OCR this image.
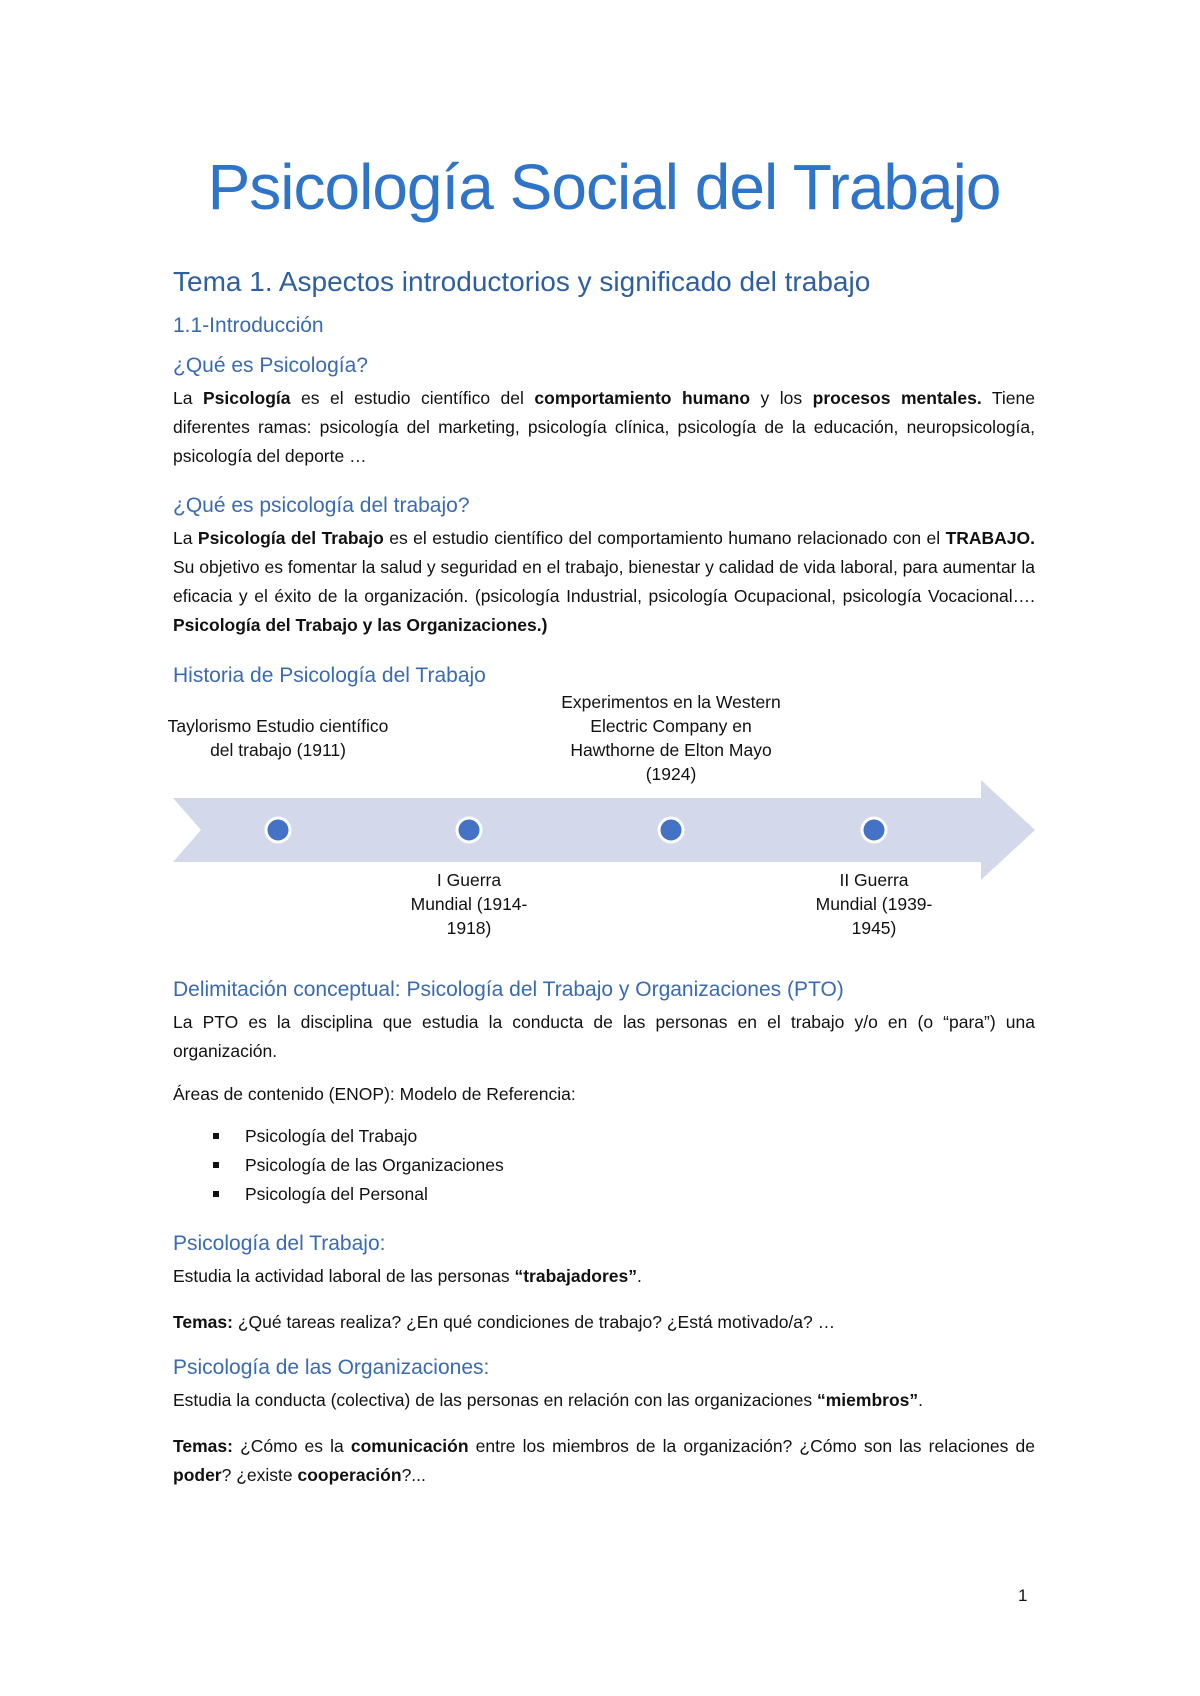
Psicología Social del Trabajo
Tema 1. Aspectos introductorios y significado del trabajo
1.1-Introducción
¿Qué es Psicología?

La Psicología es el estudio científico del comportamiento humano y los procesos mentales. Tiene diferentes ramas: psicología del marketing, psicología clínica, psicología de la educación, neuropsicología, psicología del deporte …

¿Qué es psicología del trabajo?

La Psicología del Trabajo es el estudio científico del comportamiento humano relacionado con el TRABAJO. Su objetivo es fomentar la salud y seguridad en el trabajo, bienestar y calidad de vida laboral, para aumentar la eficacia y el éxito de la organización. (psicología Industrial, psicología Ocupacional, psicología Vocacional…. Psicología del Trabajo y las Organizaciones.)

Historia de Psicología del Trabajo
Taylorismo Estudio científico del trabajo (1911)
Experimentos en la Western Electric Company en Hawthorne de Elton Mayo (1924)
I Guerra Mundial (1914-1918)
II Guerra Mundial (1939-1945)
Delimitación conceptual: Psicología del Trabajo y Organizaciones (PTO)

La PTO es la disciplina que estudia la conducta de las personas en el trabajo y/o en (o “para”) una organización.

Áreas de contenido (ENOP): Modelo de Referencia:

Psicología del Trabajo
Psicología de las Organizaciones
Psicología del Personal
Psicología del Trabajo:

Estudia la actividad laboral de las personas “trabajadores”.

Temas: ¿Qué tareas realiza? ¿En qué condiciones de trabajo? ¿Está motivado/a? …

Psicología de las Organizaciones:

Estudia la conducta (colectiva) de las personas en relación con las organizaciones “miembros”.

Temas: ¿Cómo es la comunicación entre los miembros de la organización? ¿Cómo son las relaciones de poder? ¿existe cooperación?...

1
